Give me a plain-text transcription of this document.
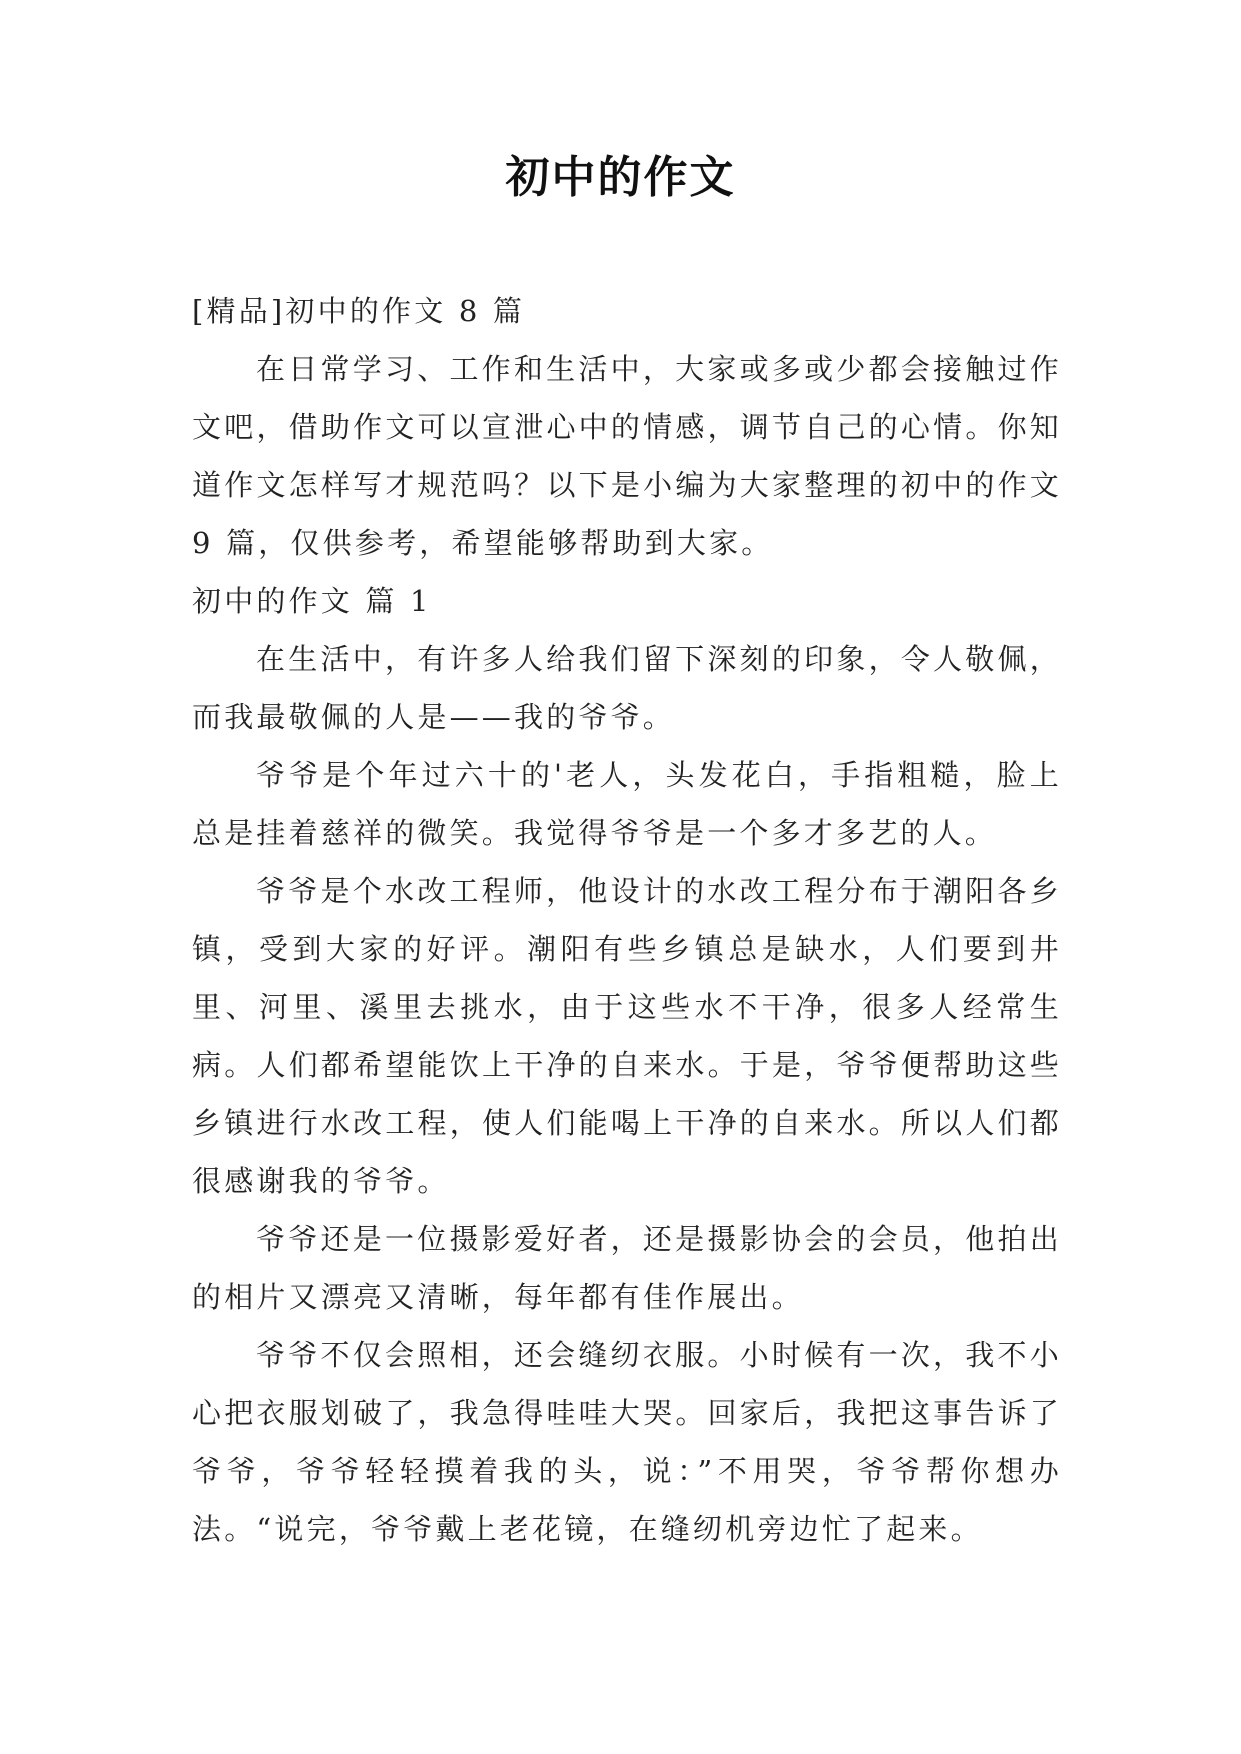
初中的作文

[精品]初中的作文 8 篇

在日常学习、工作和生活中，大家或多或少都会接触过作文吧，借助作文可以宣泄心中的情感，调节自己的心情。你知道作文怎样写才规范吗？以下是小编为大家整理的初中的作文 9 篇，仅供参考，希望能够帮助到大家。

初中的作文 篇 1

在生活中，有许多人给我们留下深刻的印象，令人敬佩，而我最敬佩的人是——我的爷爷。

爷爷是个年过六十的'老人，头发花白，手指粗糙，脸上总是挂着慈祥的微笑。我觉得爷爷是一个多才多艺的人。

爷爷是个水改工程师，他设计的水改工程分布于潮阳各乡镇，受到大家的好评。潮阳有些乡镇总是缺水，人们要到井里、河里、溪里去挑水，由于这些水不干净，很多人经常生病。人们都希望能饮上干净的自来水。于是，爷爷便帮助这些乡镇进行水改工程，使人们能喝上干净的自来水。所以人们都很感谢我的爷爷。

爷爷还是一位摄影爱好者，还是摄影协会的会员，他拍出的相片又漂亮又清晰，每年都有佳作展出。

爷爷不仅会照相，还会缝纫衣服。小时候有一次，我不小心把衣服划破了，我急得哇哇大哭。回家后，我把这事告诉了爷爷，爷爷轻轻摸着我的头，说：”不用哭，爷爷帮你想办法。“说完，爷爷戴上老花镜，在缝纫机旁边忙了起来。
